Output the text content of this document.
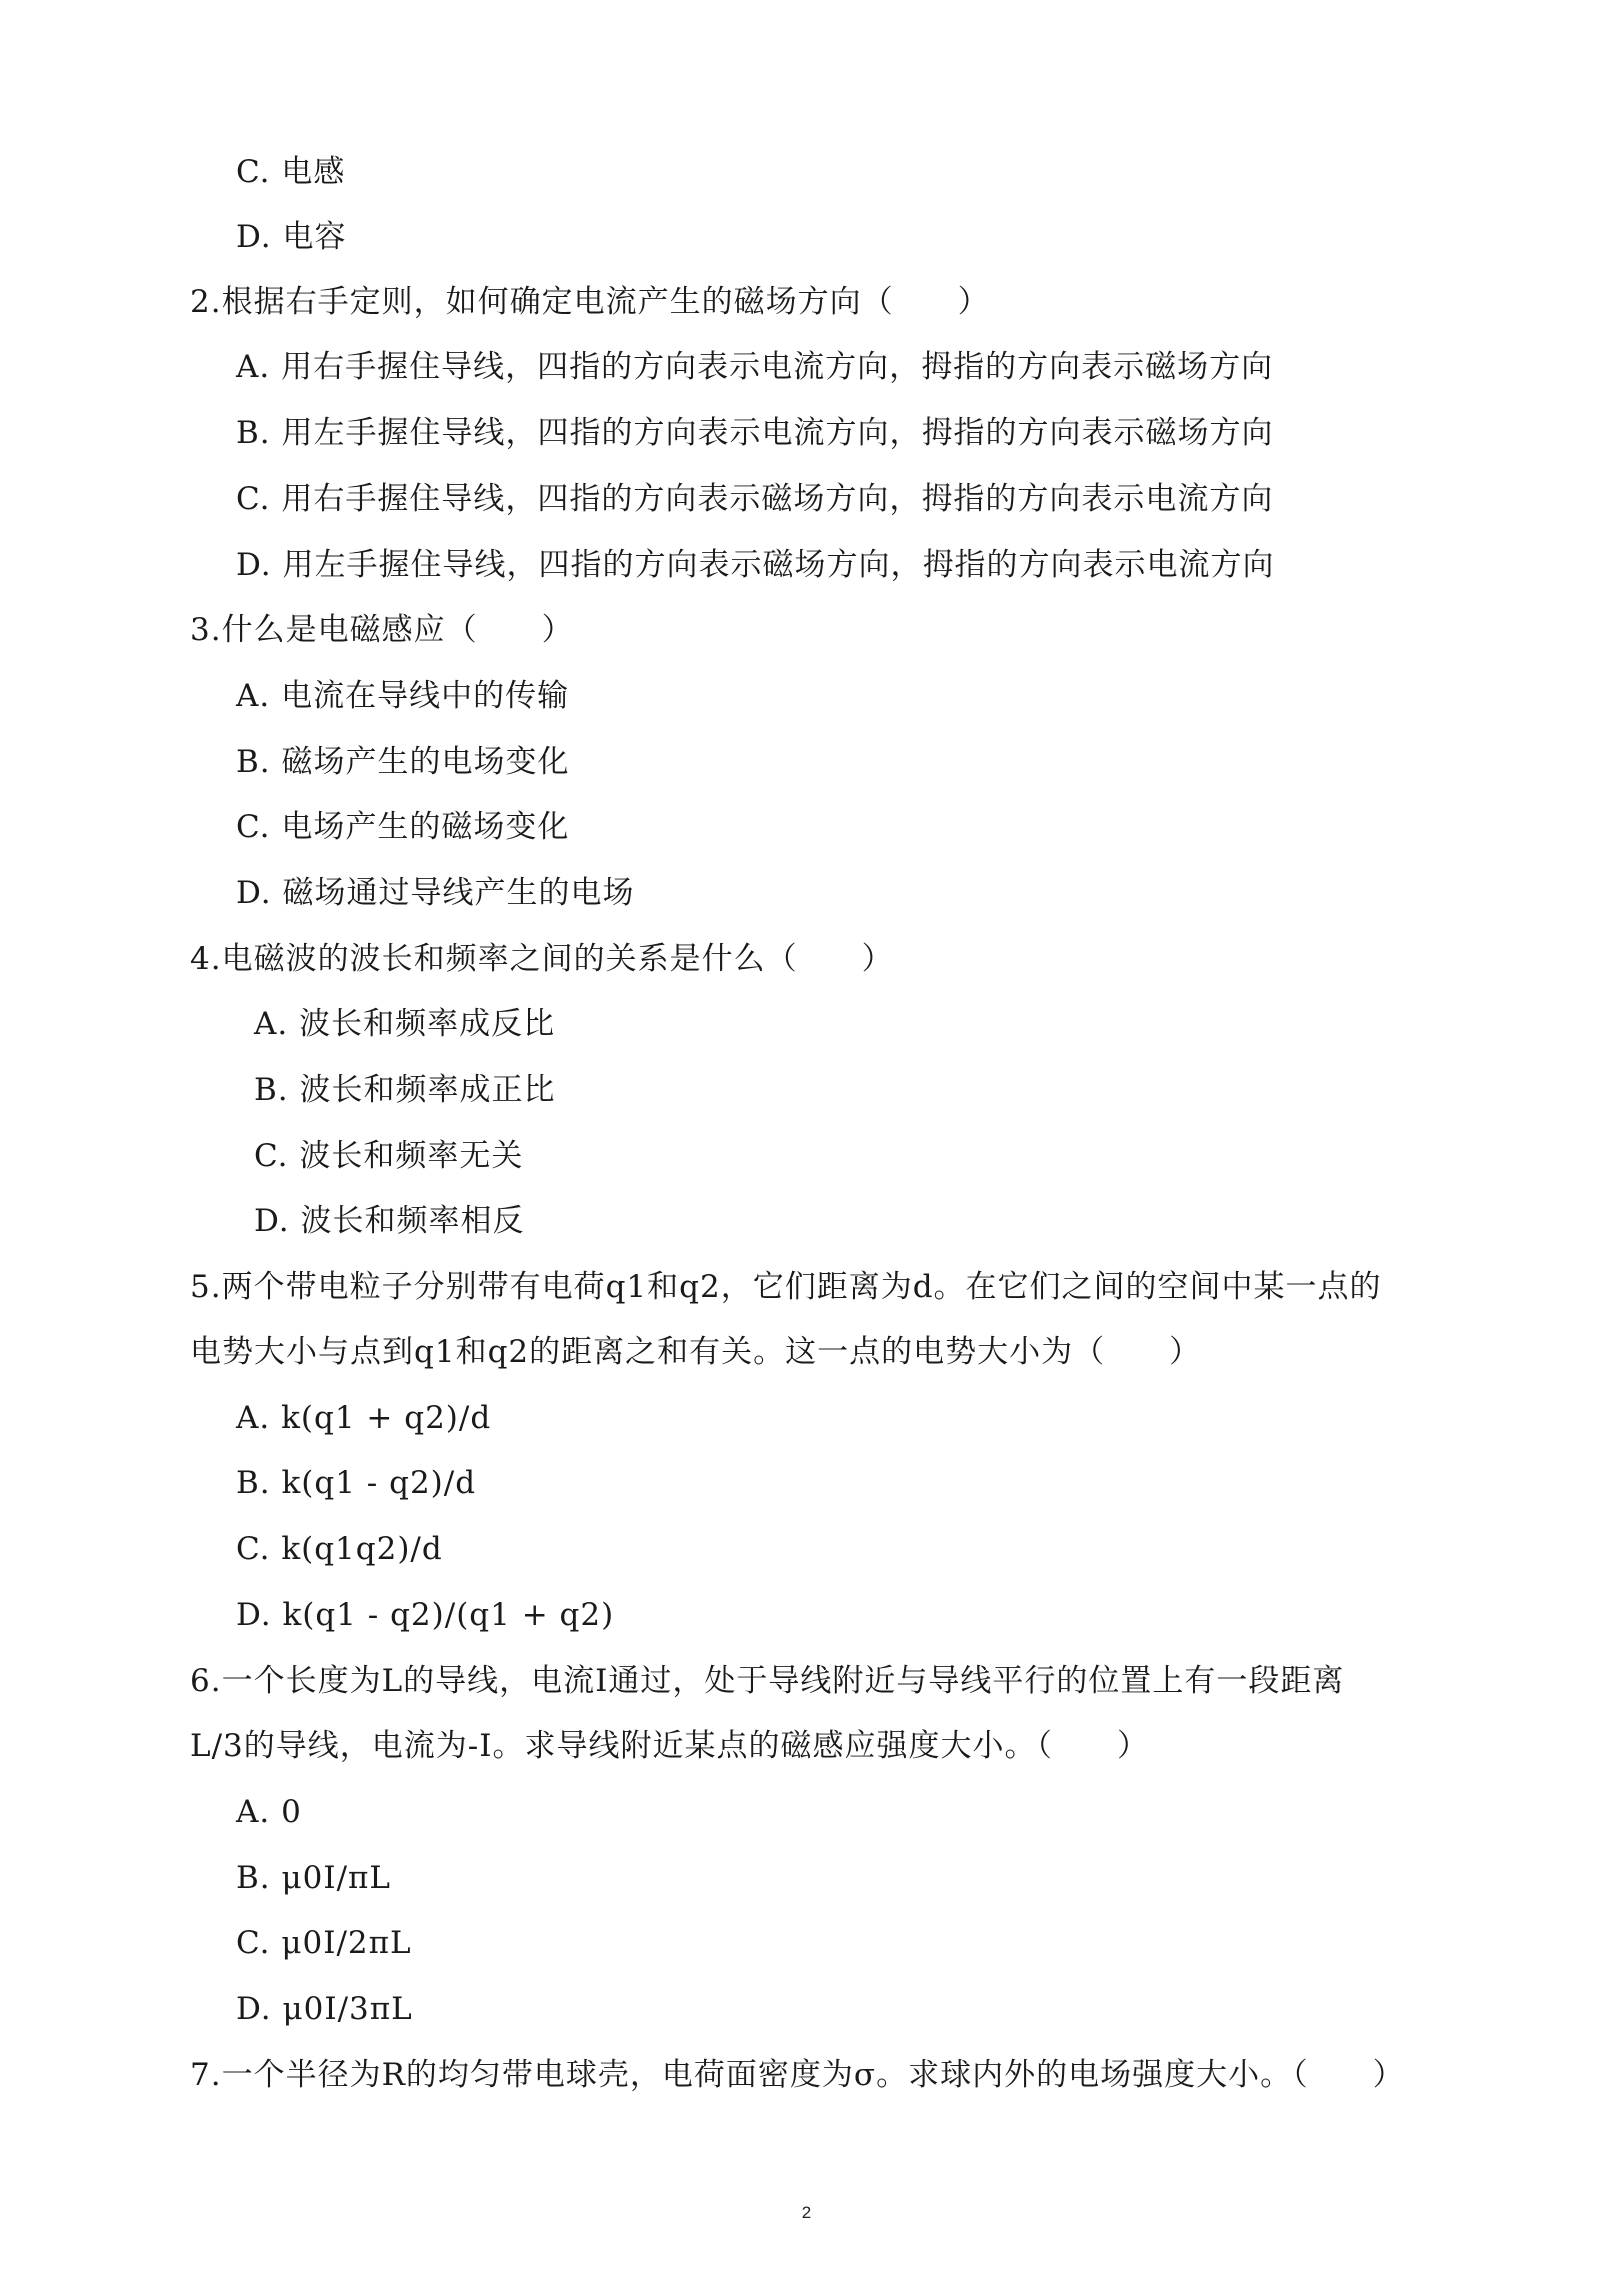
C. 电感
D. 电容
2.根据右手定则，如何确定电流产生的磁场方向（　　）
A. 用右手握住导线，四指的方向表示电流方向，拇指的方向表示磁场方向
B. 用左手握住导线，四指的方向表示电流方向，拇指的方向表示磁场方向
C. 用右手握住导线，四指的方向表示磁场方向，拇指的方向表示电流方向
D. 用左手握住导线，四指的方向表示磁场方向，拇指的方向表示电流方向
3.什么是电磁感应（　　）
A. 电流在导线中的传输
B. 磁场产生的电场变化
C. 电场产生的磁场变化
D. 磁场通过导线产生的电场
4.电磁波的波长和频率之间的关系是什么（　　）
A. 波长和频率成反比
B. 波长和频率成正比
C. 波长和频率无关
D. 波长和频率相反
5.两个带电粒子分别带有电荷q1和q2，它们距离为d。在它们之间的空间中某一点的
电势大小与点到q1和q2的距离之和有关。这一点的电势大小为（　　）
A. k(q1 + q2)/d
B. k(q1 - q2)/d
C. k(q1q2)/d
D. k(q1 - q2)/(q1 + q2)
6.一个长度为L的导线，电流I通过，处于导线附近与导线平行的位置上有一段距离
L/3的导线，电流为-I。求导线附近某点的磁感应强度大小。（　　）
A. 0
B. μ0I/πL
C. μ0I/2πL
D. μ0I/3πL
7.一个半径为R的均匀带电球壳，电荷面密度为σ。求球内外的电场强度大小。（　　）
2
